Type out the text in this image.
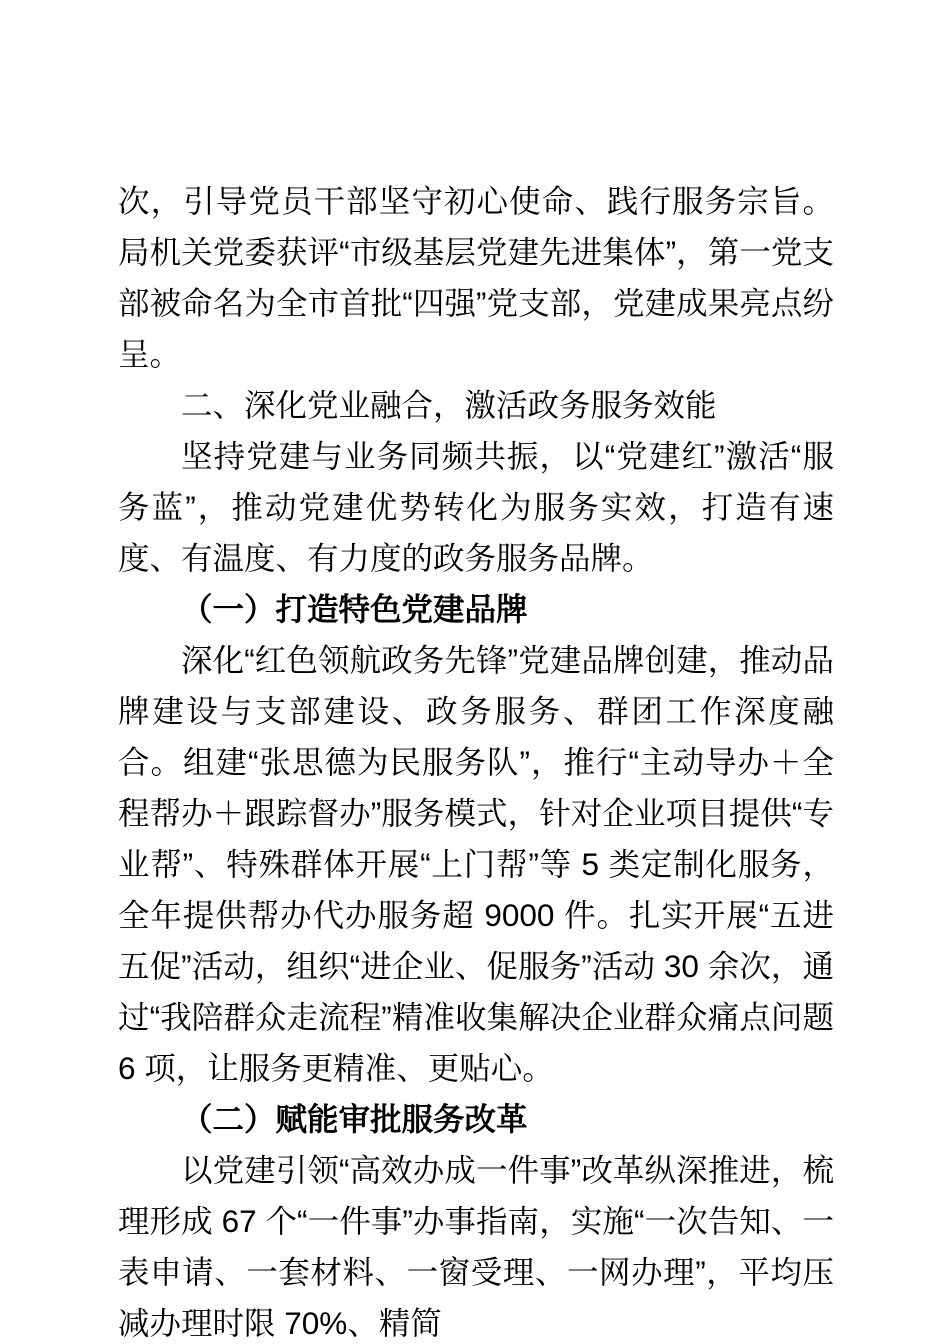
次，引导党员干部坚守初心使命、践行服务宗旨。局机关党委获评“市级基层党建先进集体”，第一党支部被命名为全市首批“四强”党支部，党建成果亮点纷呈。

二、深化党业融合，激活政务服务效能

坚持党建与业务同频共振，以“党建红”激活“服务蓝”，推动党建优势转化为服务实效，打造有速度、有温度、有力度的政务服务品牌。

（一）打造特色党建品牌

深化“红色领航政务先锋”党建品牌创建，推动品牌建设与支部建设、政务服务、群团工作深度融合。组建“张思德为民服务队”，推行“主动导办＋全程帮办＋跟踪督办”服务模式，针对企业项目提供“专业帮”、特殊群体开展“上门帮”等 5 类定制化服务，全年提供帮办代办服务超 9000 件。扎实开展“五进五促”活动，组织“进企业、促服务”活动 30 余次，通过“我陪群众走流程”精准收集解决企业群众痛点问题 6 项，让服务更精准、更贴心。

（二）赋能审批服务改革

以党建引领“高效办成一件事”改革纵深推进，梳理形成 67 个“一件事”办事指南，实施“一次告知、一表申请、一套材料、一窗受理、一网办理”，平均压减办理时限 70%、精简
